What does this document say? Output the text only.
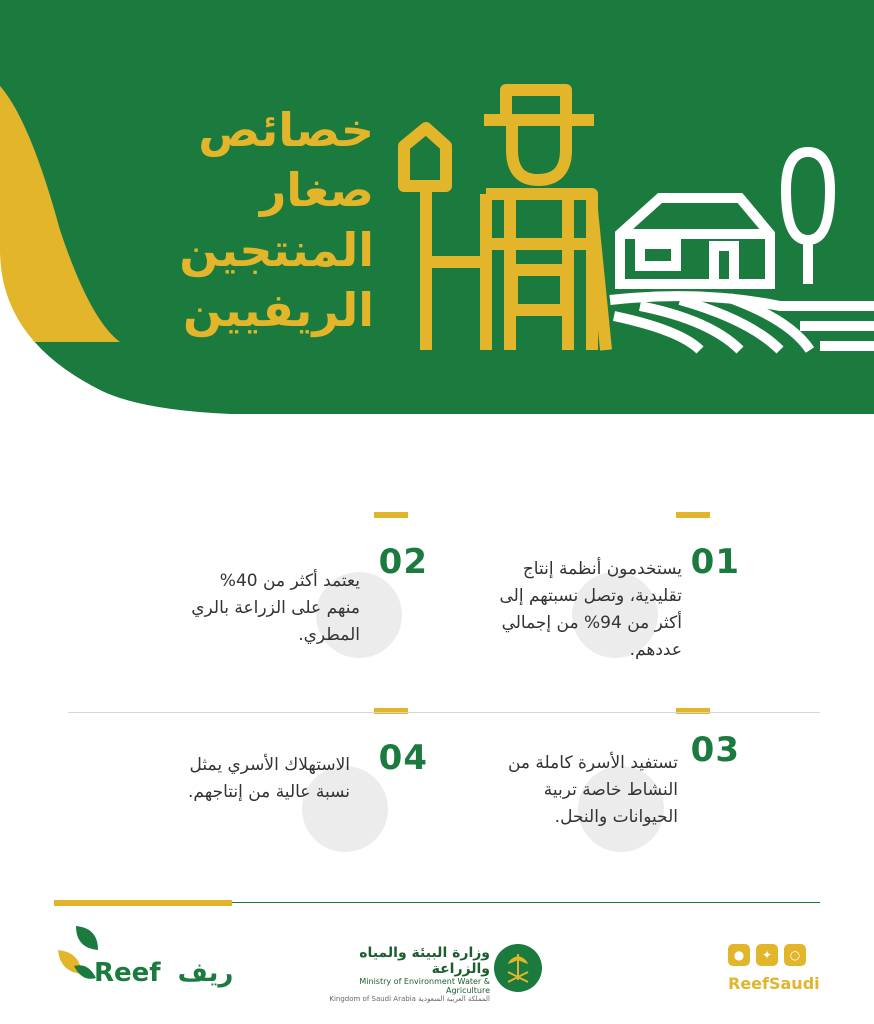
خصائص
صغار
المنتجين
الريفيين
01
يستخدمون أنظمة إنتاج تقليدية، وتصل نسبتهم إلى أكثر من 94% من إجمالي عددهم.
02
يعتمد أكثر من 40% منهم على الزراعة بالري المطري.
03
تستفيد الأسرة كاملة من النشاط خاصة تربية الحيوانات والنحل.
04
الاستهلاك الأسري يمثل نسبة عالية من إنتاجهم.
Reef ريف
وزارة البيئة والمياه والزراعة
Ministry of Environment Water & Agriculture
Kingdom of Saudi Arabia المملكة العربية السعودية
●	✦	○
ReefSaudi
